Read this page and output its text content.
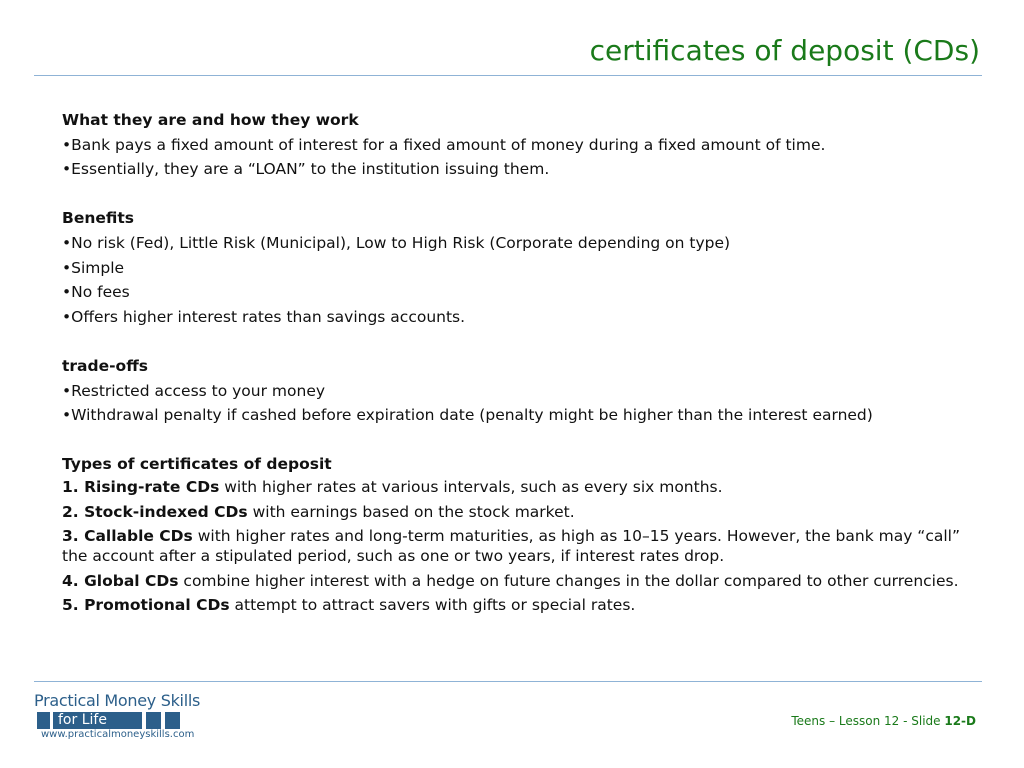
certificates of deposit (CDs)

What they are and how they work

•Bank pays a fixed amount of interest for a fixed amount of money during a fixed amount of time.

•Essentially, they are a “LOAN” to the institution issuing them.

Benefits

•No risk (Fed), Little Risk (Municipal), Low to High Risk (Corporate depending on type)

•Simple

•No fees

•Offers higher interest rates than savings accounts.

trade-offs

•Restricted access to your money

•Withdrawal penalty if cashed before expiration date (penalty might be higher than the interest earned)

Types of certificates of deposit

1. Rising-rate CDs with higher rates at various intervals, such as every six months.

2. Stock-indexed CDs with earnings based on the stock market.

3. Callable CDs with higher rates and long-term maturities, as high as 10–15 years. However, the bank may “call” the account after a stipulated period, such as one or two years, if interest rates drop.

4. Global CDs combine higher interest with a hedge on future changes in the dollar compared to other currencies.

5. Promotional CDs attempt to attract savers with gifts or special rates.

Practical Money Skills
for Life
www.practicalmoneyskills.com
Teens – Lesson 12 - Slide 12-D
